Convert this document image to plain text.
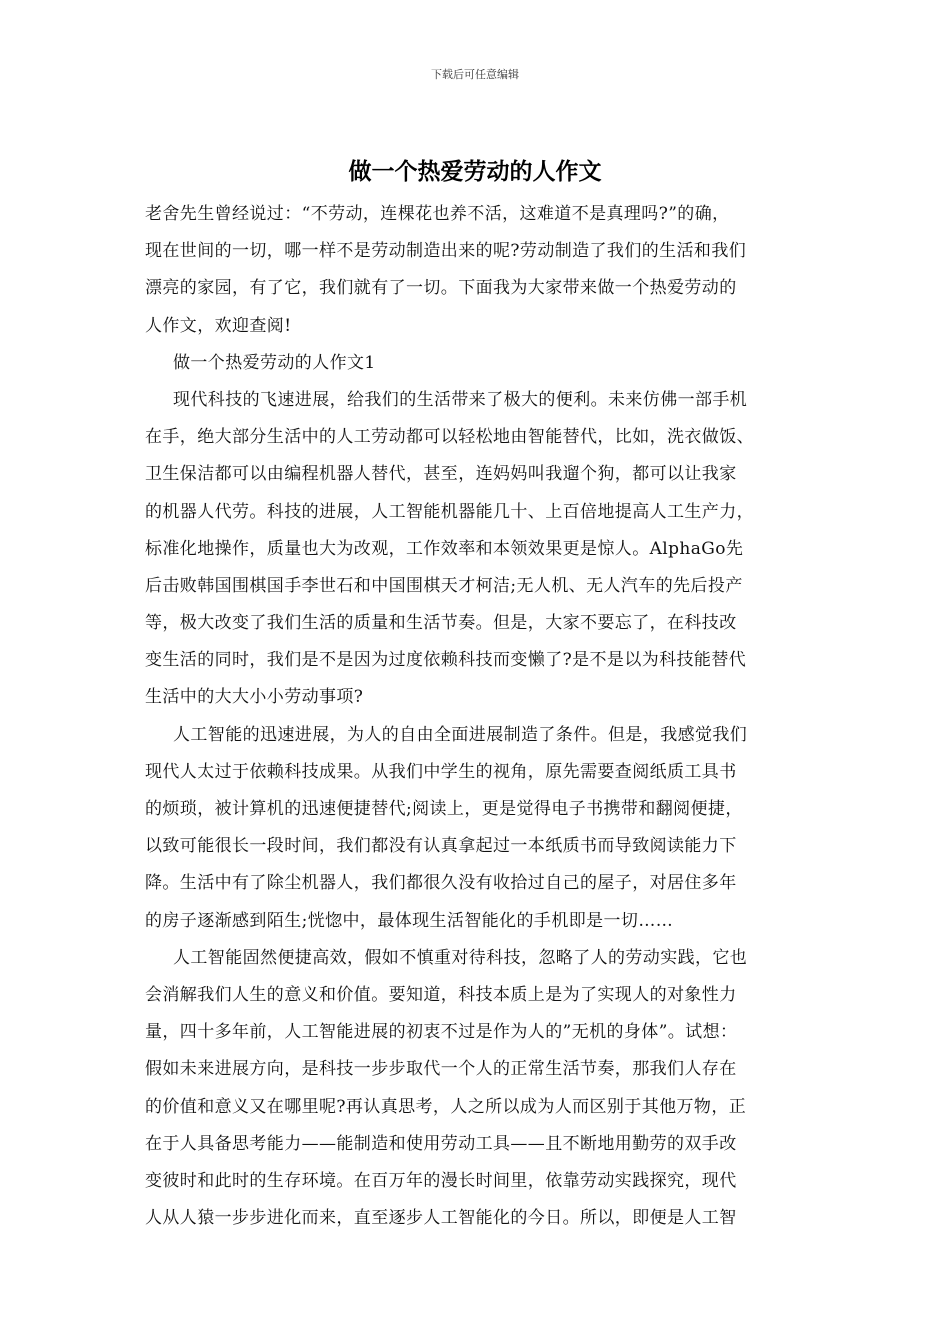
下载后可任意编辑
做一个热爱劳动的人作文
老舍先生曾经说过：“不劳动，连棵花也养不活，这难道不是真理吗?”的确，
现在世间的一切，哪一样不是劳动制造出来的呢?劳动制造了我们的生活和我们
漂亮的家园，有了它，我们就有了一切。下面我为大家带来做一个热爱劳动的
人作文，欢迎查阅!
做一个热爱劳动的人作文1
现代科技的飞速进展，给我们的生活带来了极大的便利。未来仿佛一部手机
在手，绝大部分生活中的人工劳动都可以轻松地由智能替代，比如，洗衣做饭、
卫生保洁都可以由编程机器人替代，甚至，连妈妈叫我遛个狗，都可以让我家
的机器人代劳。科技的进展，人工智能机器能几十、上百倍地提高人工生产力，
标准化地操作，质量也大为改观，工作效率和本领效果更是惊人。AlphaGo先
后击败韩国围棋国手李世石和中国围棋天才柯洁;无人机、无人汽车的先后投产
等，极大改变了我们生活的质量和生活节奏。但是，大家不要忘了，在科技改
变生活的同时，我们是不是因为过度依赖科技而变懒了?是不是以为科技能替代
生活中的大大小小劳动事项?
人工智能的迅速进展，为人的自由全面进展制造了条件。但是，我感觉我们
现代人太过于依赖科技成果。从我们中学生的视角，原先需要查阅纸质工具书
的烦琐，被计算机的迅速便捷替代;阅读上，更是觉得电子书携带和翻阅便捷，
以致可能很长一段时间，我们都没有认真拿起过一本纸质书而导致阅读能力下
降。生活中有了除尘机器人，我们都很久没有收拾过自己的屋子，对居住多年
的房子逐渐感到陌生;恍惚中，最体现生活智能化的手机即是一切……
人工智能固然便捷高效，假如不慎重对待科技，忽略了人的劳动实践，它也
会消解我们人生的意义和价值。要知道，科技本质上是为了实现人的对象性力
量，四十多年前，人工智能进展的初衷不过是作为人的”无机的身体”。试想：
假如未来进展方向，是科技一步步取代一个人的正常生活节奏，那我们人存在
的价值和意义又在哪里呢?再认真思考，人之所以成为人而区别于其他万物，正
在于人具备思考能力——能制造和使用劳动工具——且不断地用勤劳的双手改
变彼时和此时的生存环境。在百万年的漫长时间里，依靠劳动实践探究，现代
人从人猿一步步进化而来，直至逐步人工智能化的今日。所以，即便是人工智
